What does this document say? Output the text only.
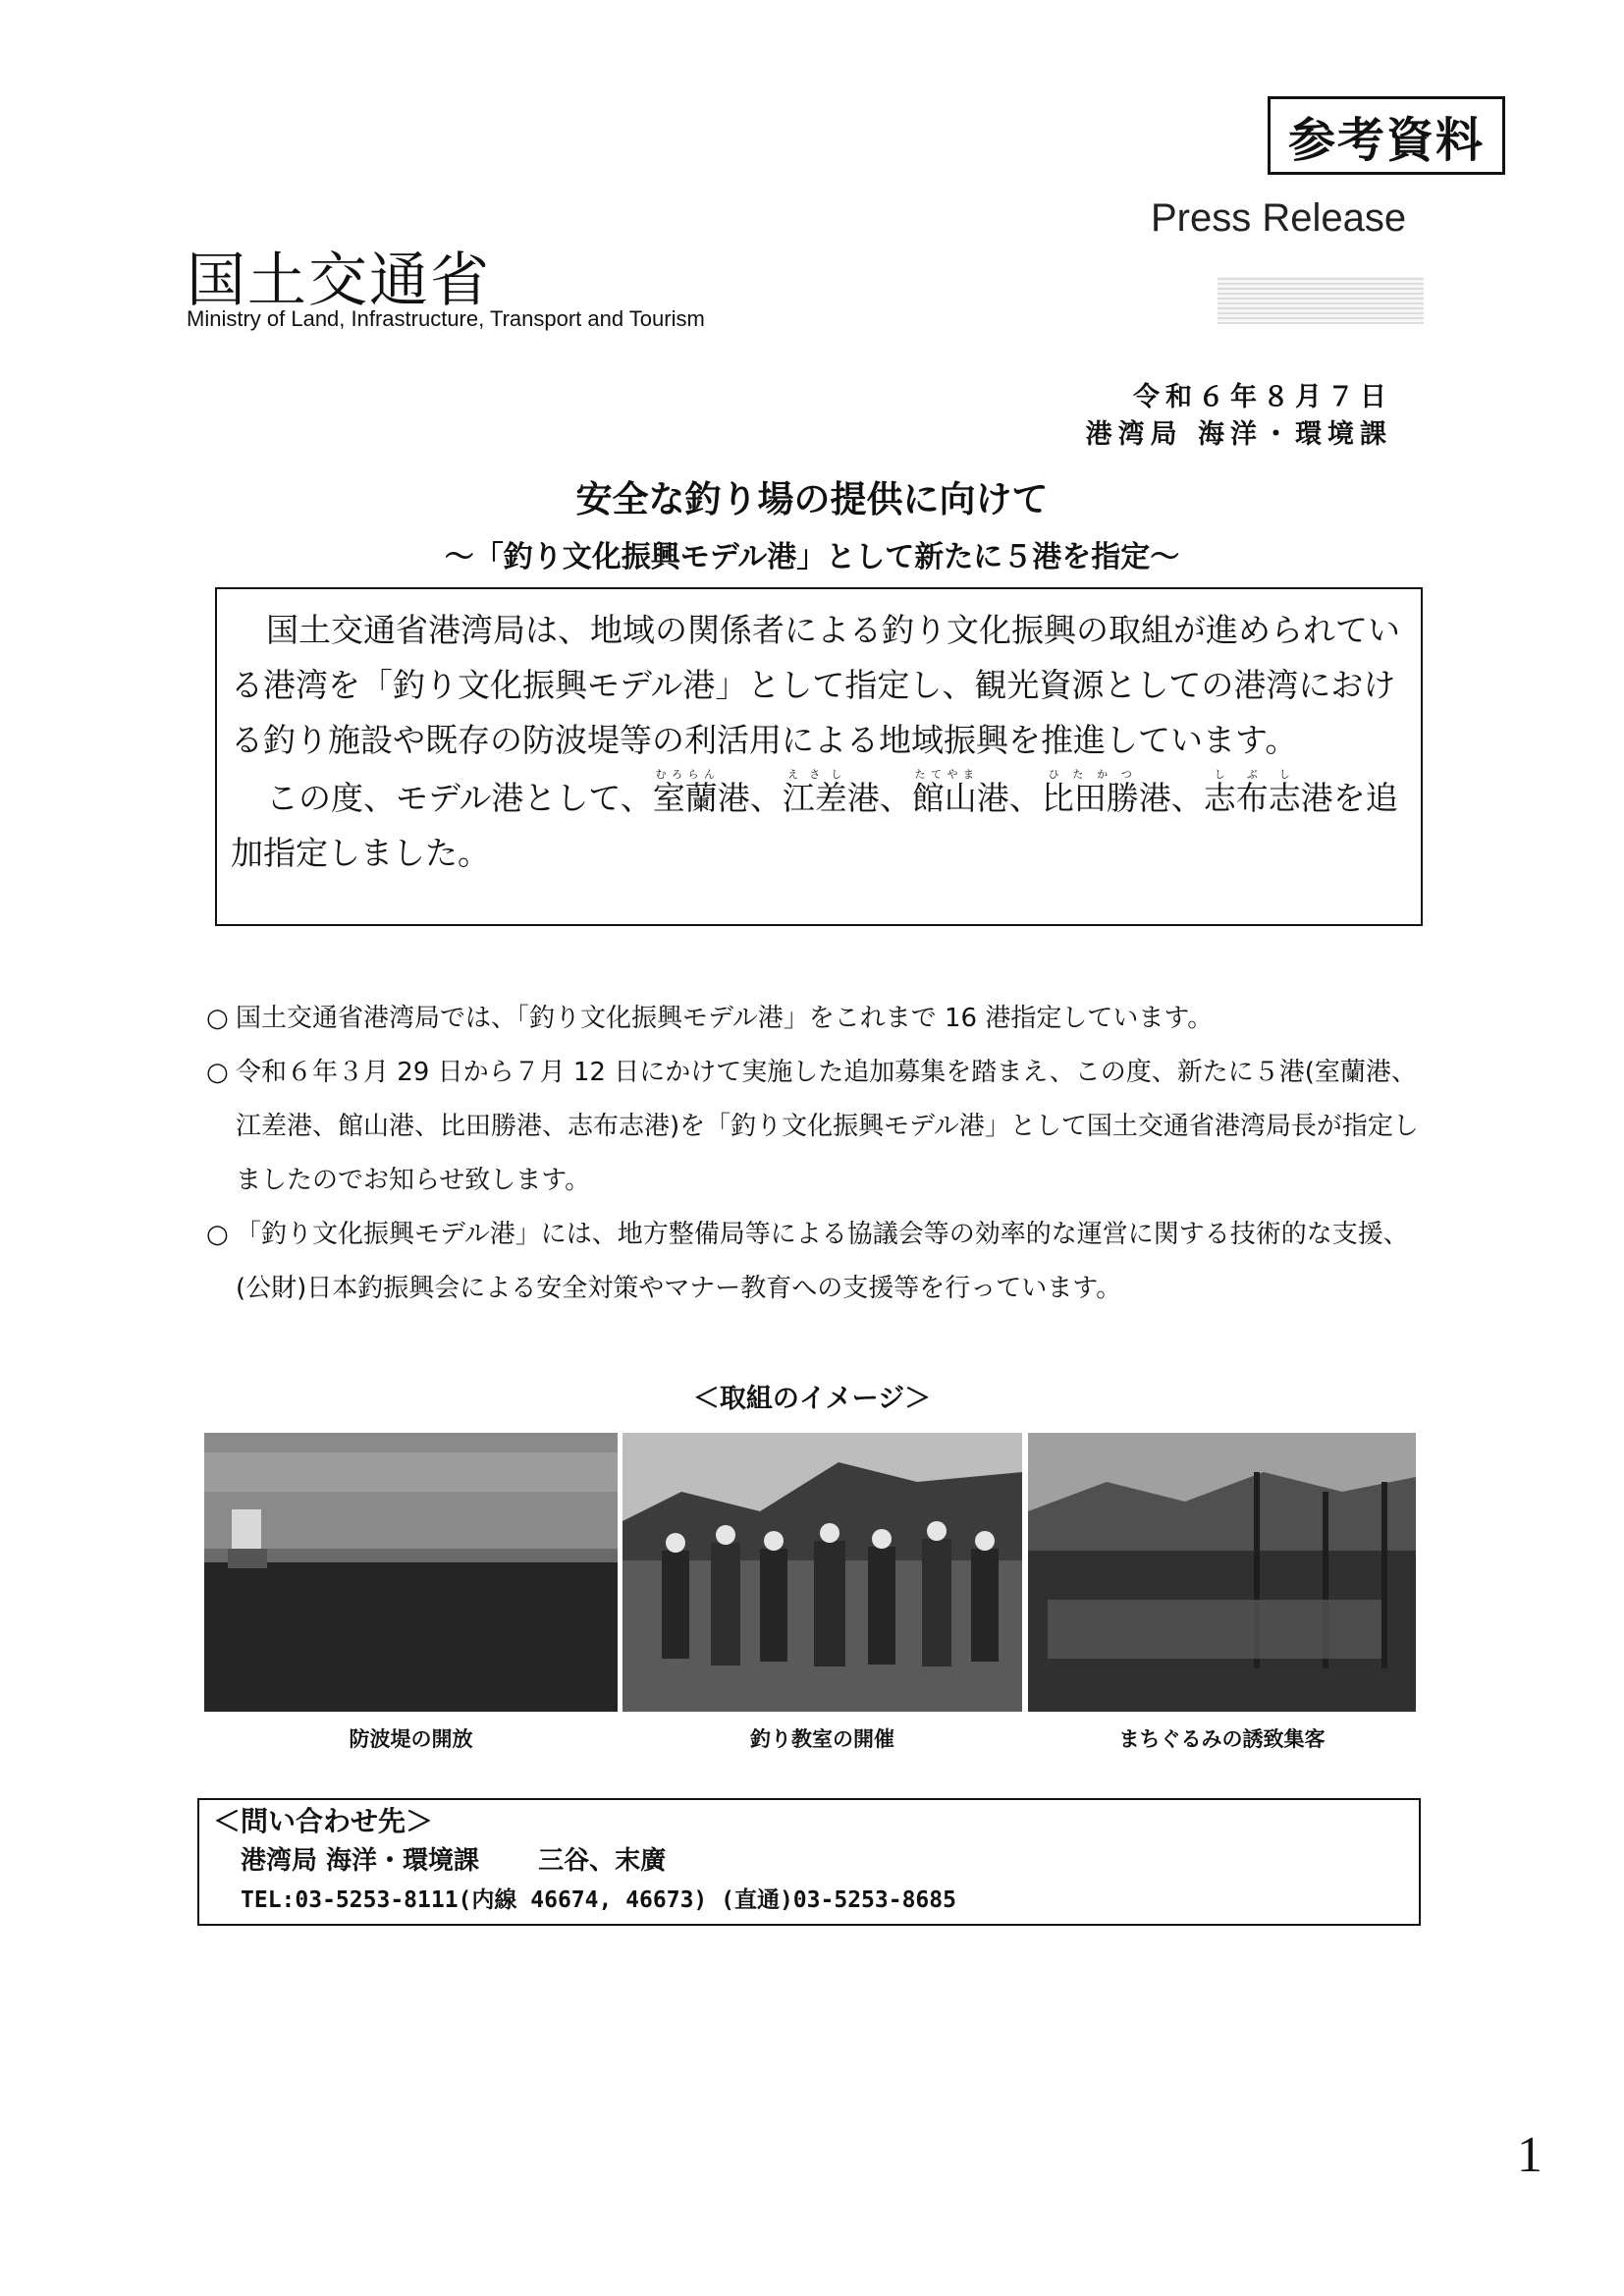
参考資料
Press Release
国土交通省
Ministry of Land, Infrastructure, Transport and Tourism
令和６年８月７日
港湾局 海洋・環境課
安全な釣り場の提供に向けて
～「釣り文化振興モデル港」として新たに５港を指定～

国土交通省港湾局は、地域の関係者による釣り文化振興の取組が進められている港湾を「釣り文化振興モデル港」として指定し、観光資源としての港湾における釣り施設や既存の防波堤等の利活用による地域振興を推進しています。

この度、モデル港として、室蘭むろらん港、江差えさし港、館山たてやま港、比田勝ひたかつ港、志布志しぶし港を追加指定しました。

○ 国土交通省港湾局では、「釣り文化振興モデル港」をこれまで 16 港指定しています。
○ 令和６年３月 29 日から７月 12 日にかけて実施した追加募集を踏まえ、この度、新たに５港(室蘭港、江差港、館山港、比田勝港、志布志港)を「釣り文化振興モデル港」として国土交通省港湾局長が指定しましたのでお知らせ致します。
○ 「釣り文化振興モデル港」には、地方整備局等による協議会等の効率的な運営に関する技術的な支援、(公財)日本釣振興会による安全対策やマナー教育への支援等を行っています。
＜取組のイメージ＞
防波堤の開放	釣り教室の開催	まちぐるみの誘致集客
＜問い合わせ先＞
港湾局 海洋・環境課 三谷、末廣
TEL:03-5253-8111(内線 46674, 46673) (直通)03-5253-8685
1
